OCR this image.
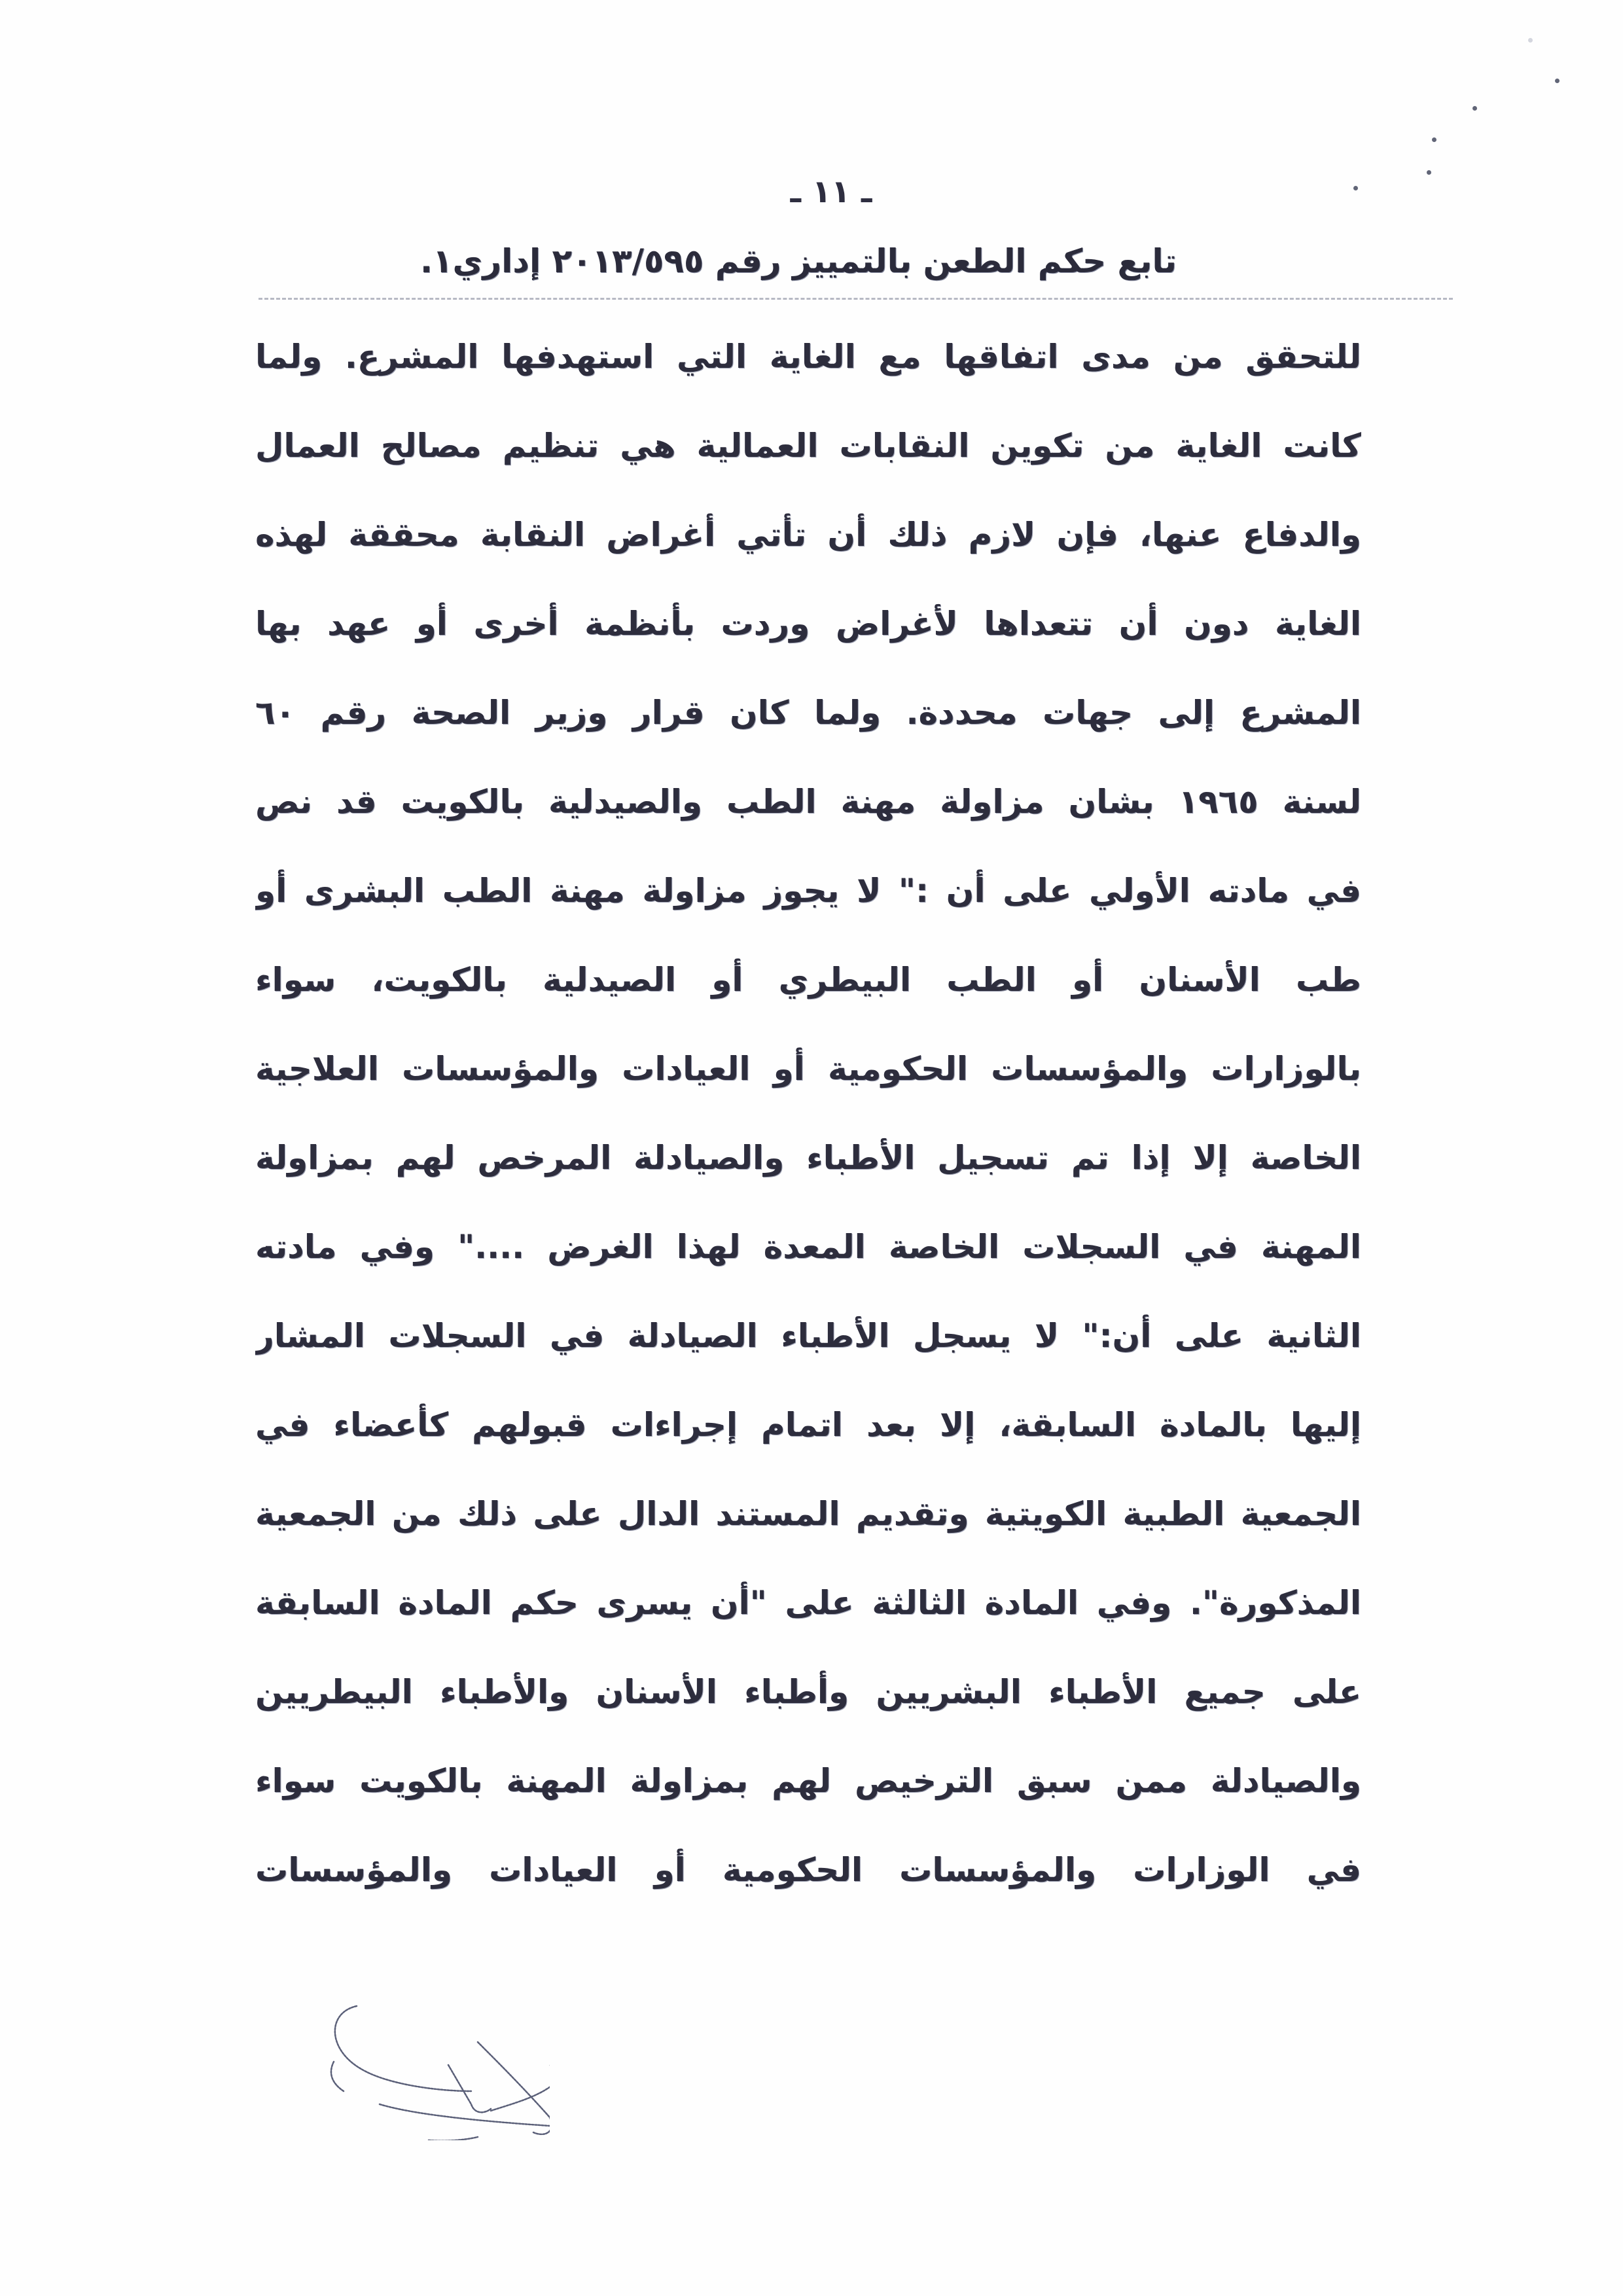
ـ ١١ ـ
تابع حكم الطعن بالتمييز رقم ٢٠١٣/٥٩٥ إداري١.
للتحقق من مدى اتفاقها مع الغاية التي استهدفها المشرع. ولما
كانت الغاية من تكوين النقابات العمالية هي تنظيم مصالح العمال
والدفاع عنها، فإن لازم ذلك أن تأتي أغراض النقابة محققة لهذه
الغاية دون أن تتعداها لأغراض وردت بأنظمة أخرى أو عهد بها
المشرع إلى جهات محددة. ولما كان قرار وزير الصحة رقم ٦٠
لسنة ١٩٦٥ بشان مزاولة مهنة الطب والصيدلية بالكويت قد نص
في مادته الأولي على أن :" لا يجوز مزاولة مهنة الطب البشرى أو
طب الأسنان أو الطب البيطري أو الصيدلية بالكويت، سواء
بالوزارات والمؤسسات الحكومية أو العيادات والمؤسسات العلاجية
الخاصة إلا إذا تم تسجيل الأطباء والصيادلة المرخص لهم بمزاولة
المهنة في السجلات الخاصة المعدة لهذا الغرض ...." وفي مادته
الثانية على أن:" لا يسجل الأطباء الصيادلة في السجلات المشار
إليها بالمادة السابقة، إلا بعد اتمام إجراءات قبولهم كأعضاء في
الجمعية الطبية الكويتية وتقديم المستند الدال على ذلك من الجمعية
المذكورة". وفي المادة الثالثة على "أن يسرى حكم المادة السابقة
على جميع الأطباء البشريين وأطباء الأسنان والأطباء البيطريين
والصيادلة ممن سبق الترخيص لهم بمزاولة المهنة بالكويت سواء
في الوزارات والمؤسسات الحكومية أو العيادات والمؤسسات
